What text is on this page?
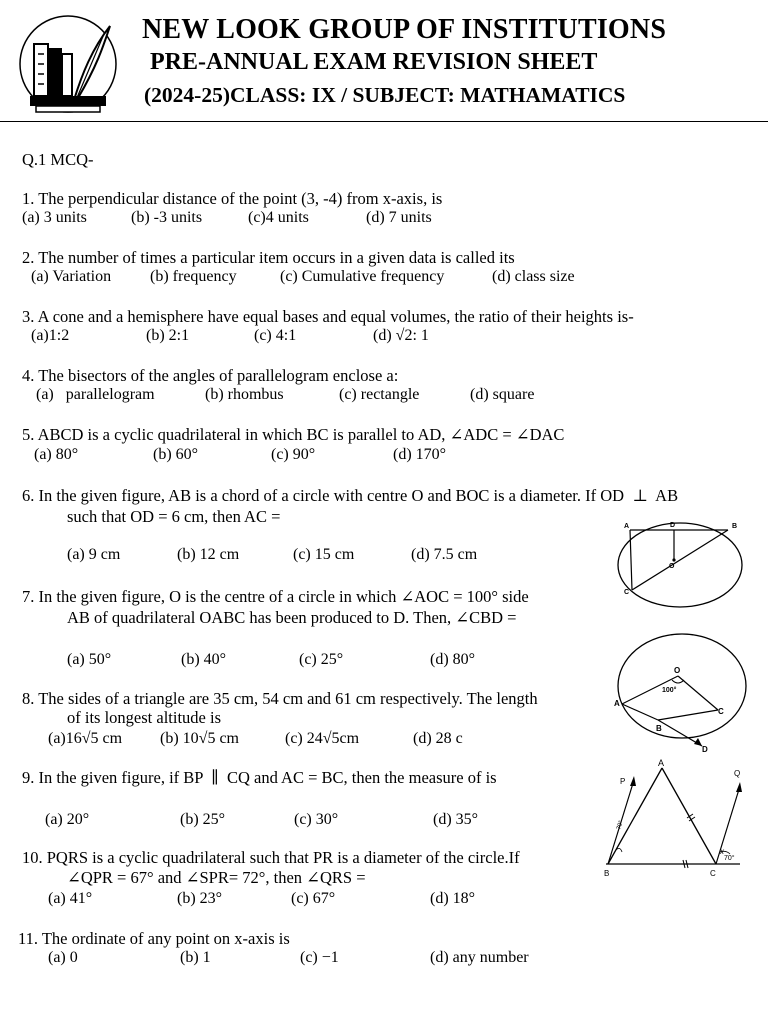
NEW LOOK GROUP OF INSTITUTIONS
PRE-ANNUAL EXAM REVISION SHEET
(2024-25)CLASS: IX / SUBJECT: MATHAMATICS
Q.1 MCQ-
1. The perpendicular distance of the point (3, -4) from x-axis, is
(a) 3 units	(b) -3 units	(c)4 units	(d) 7 units
2. The number of times a particular item occurs in a given data is called its
(a) Variation (b) frequency	(c) Cumulative frequency	(d) class size
3. A cone and a hemisphere have equal bases and equal volumes, the ratio of their heights is-
(a)1:2	(b) 2:1	(c) 4:1	(d) √2: 1
4. The bisectors of the angles of parallelogram enclose a:
(a)   parallelogram	(b) rhombus	(c) rectangle	(d) square
5. ABCD is a cyclic quadrilateral in which BC is parallel to AD, ∠ADC = ∠DAC
(a) 80°	(b) 60°	(c) 90°	(d) 170°
6. In the given figure, AB is a chord of a circle with centre O and BOC is a diameter. If OD  ⊥  AB
such that OD = 6 cm, then AC =
(a) 9 cm	(b) 12 cm	(c) 15 cm	(d) 7.5 cm
A	D	B
O
C
7. In the given figure, O is the centre of a circle in which ∠AOC = 100° side
AB of quadrilateral OABC has been produced to D. Then, ∠CBD =
(a) 50°	(b) 40°	(c) 25°	(d) 80°
O
100°
A
C
B
D
8. The sides of a triangle are 35 cm, 54 cm and 61 cm respectively. The length
of its longest altitude is
(a)16√5 cm (b) 10√5 cm	(c) 24√5cm	(d) 28 c
9. In the given figure, if BP  ∥  CQ and AC = BC, then the measure of is
(a) 20°	(b) 25°	(c) 30°	(d) 35°
A
P
Q
B	C
x
70°
70°
10. PQRS is a cyclic quadrilateral such that PR is a diameter of the circle.If
∠QPR = 67° and ∠SPR= 72°, then ∠QRS =
(a) 41°	(b) 23°	(c) 67°	(d) 18°
11. The ordinate of any point on x-axis is
(a) 0	(b) 1	(c) −1	(d) any number
